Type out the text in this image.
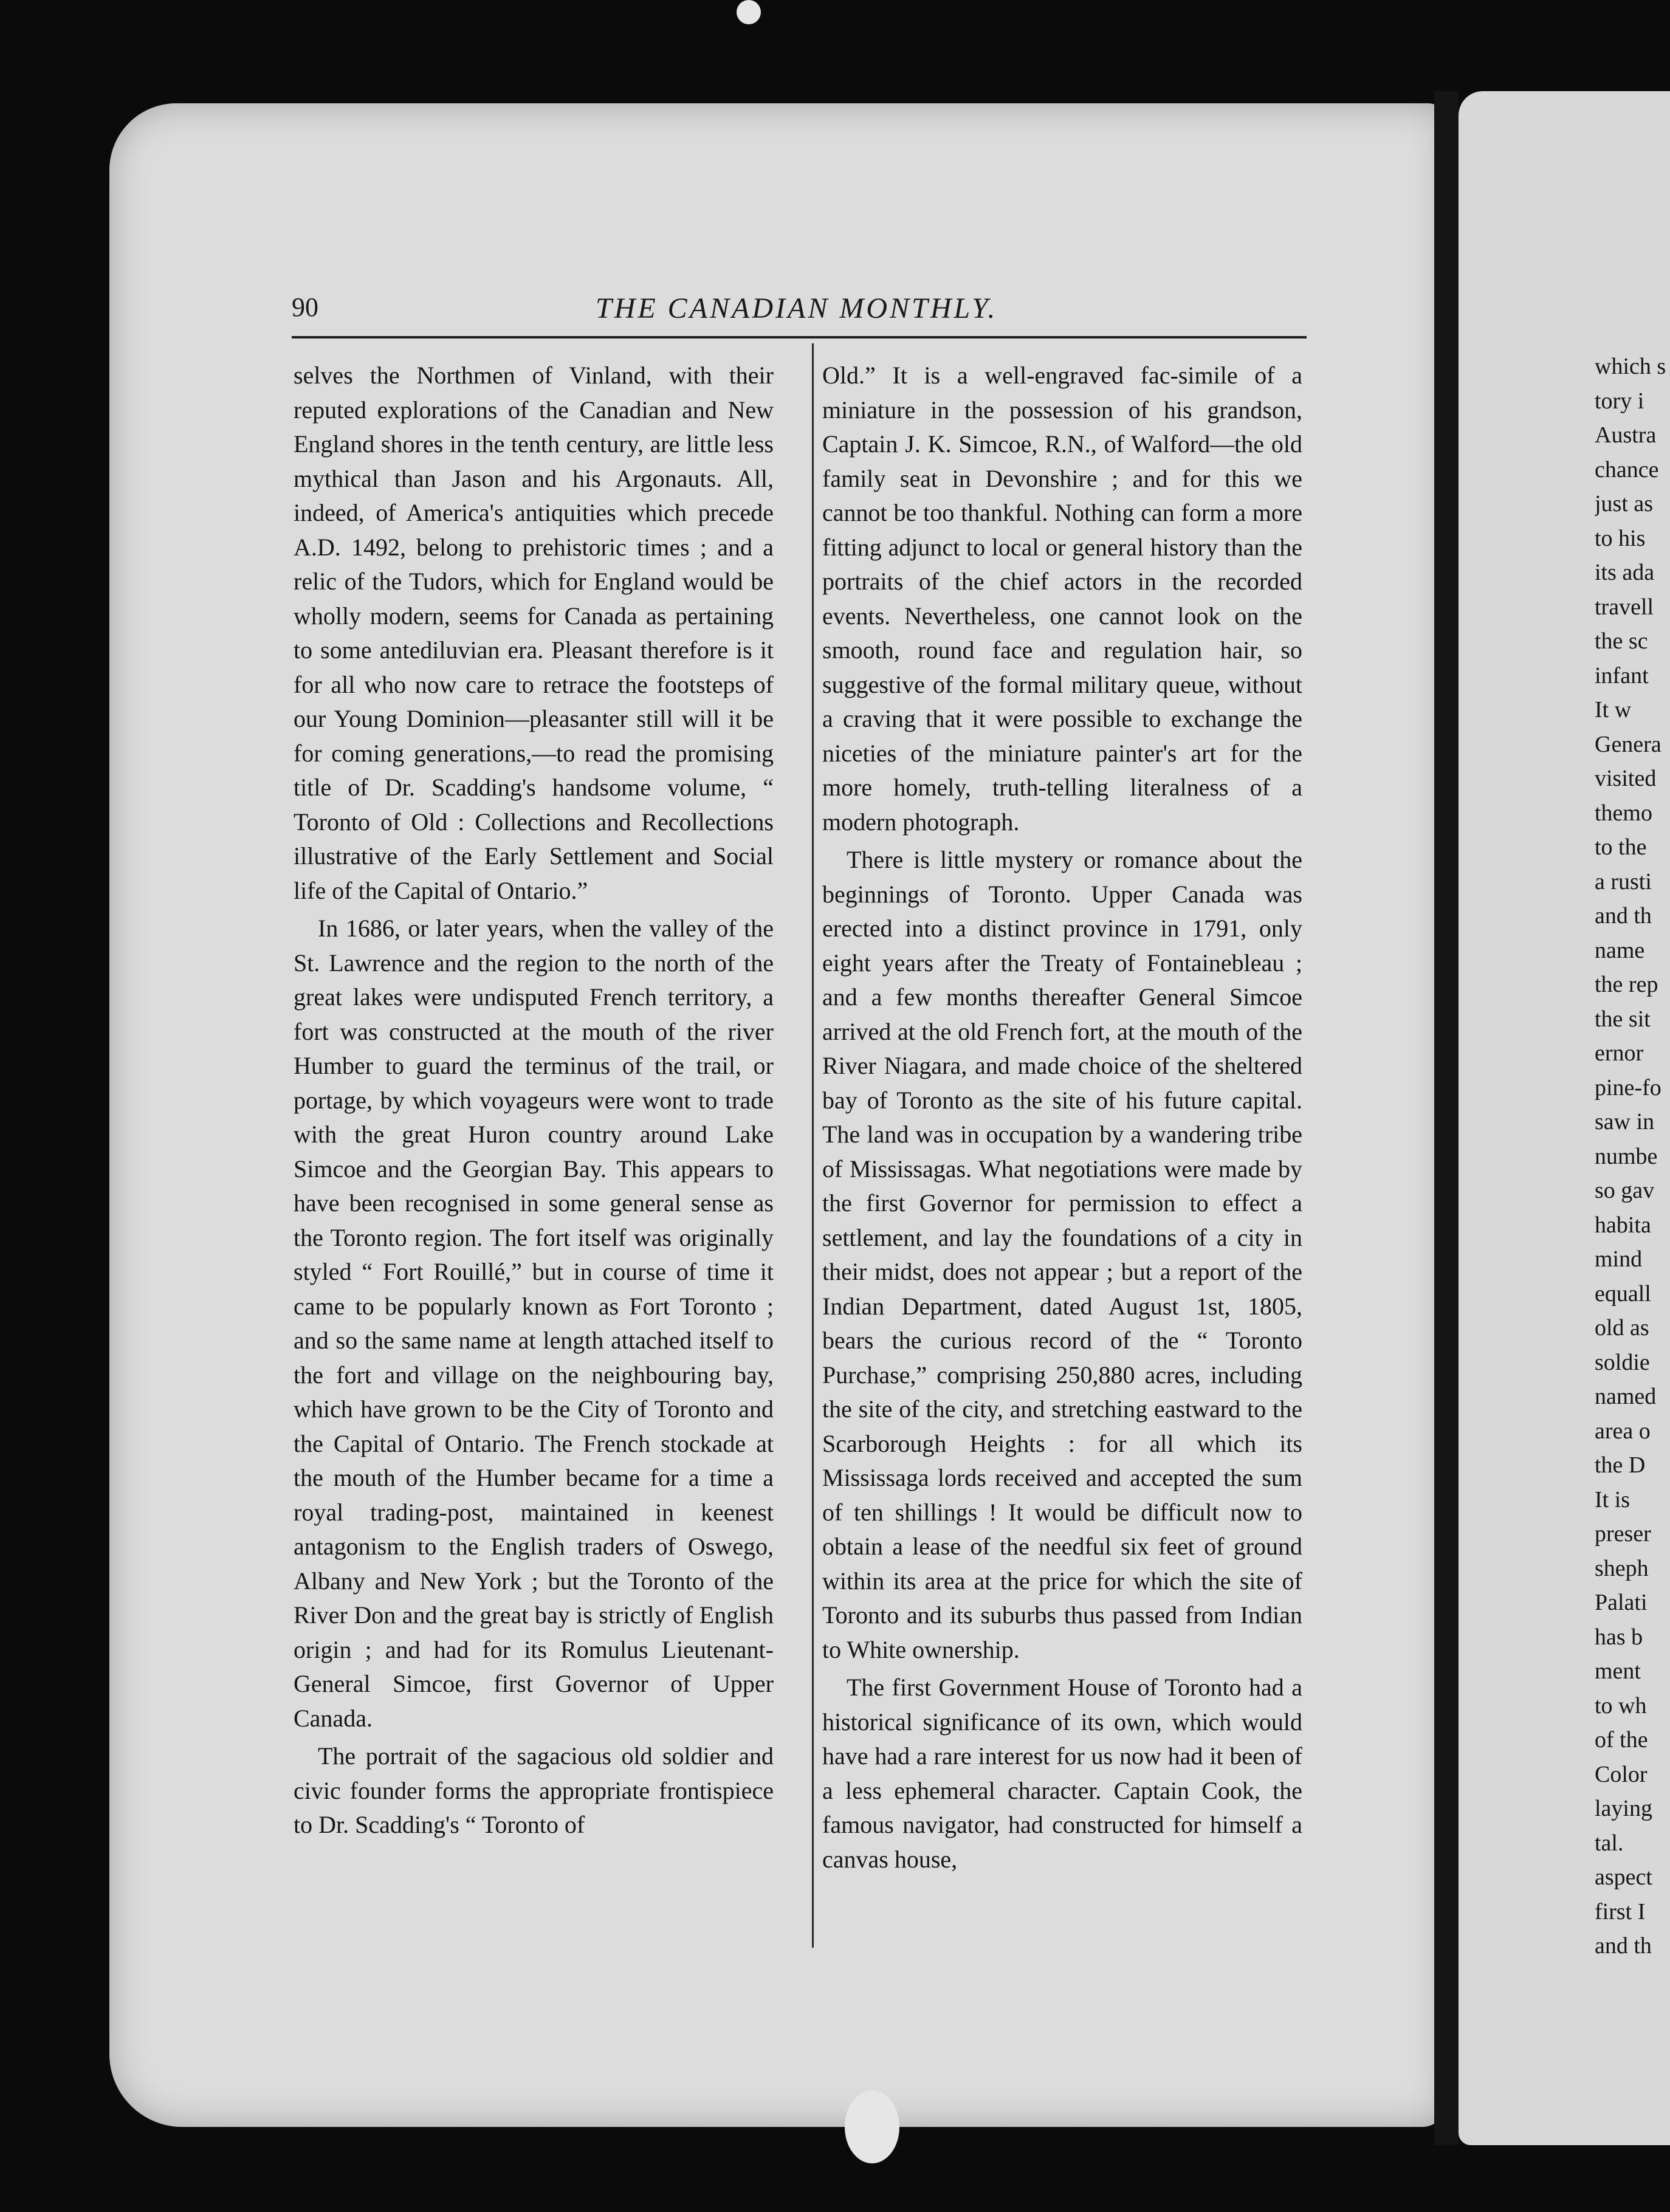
90	THE CANADIAN MONTHLY.

selves the Northmen of Vinland, with their reputed explorations of the Canadian and New England shores in the tenth century, are little less mythical than Jason and his Argonauts. All, indeed, of America's antiquities which precede A.D. 1492, belong to prehistoric times ; and a relic of the Tudors, which for England would be wholly modern, seems for Canada as pertaining to some antediluvian era. Pleasant therefore is it for all who now care to retrace the footsteps of our Young Dominion—pleasanter still will it be for coming generations,—to read the promising title of Dr. Scadding's handsome volume, “ Toronto of Old : Collections and Recollections illustrative of the Early Settlement and Social life of the Capital of Ontario.”

In 1686, or later years, when the valley of the St. Lawrence and the region to the north of the great lakes were undisputed French territory, a fort was constructed at the mouth of the river Humber to guard the terminus of the trail, or portage, by which voyageurs were wont to trade with the great Huron country around Lake Simcoe and the Georgian Bay. This appears to have been recognised in some general sense as the Toronto region. The fort itself was originally styled “ Fort Rouillé,” but in course of time it came to be popularly known as Fort Toronto ; and so the same name at length attached itself to the fort and village on the neighbouring bay, which have grown to be the City of Toronto and the Capital of Ontario. The French stockade at the mouth of the Humber became for a time a royal trading-post, maintained in keenest antagonism to the English traders of Oswego, Albany and New York ; but the Toronto of the River Don and the great bay is strictly of English origin ; and had for its Romulus Lieutenant-General Simcoe, first Governor of Upper Canada.

The portrait of the sagacious old soldier and civic founder forms the appropriate frontispiece to Dr. Scadding's “ Toronto of

Old.” It is a well-engraved fac-simile of a miniature in the possession of his grandson, Captain J. K. Simcoe, R.N., of Walford—the old family seat in Devonshire ; and for this we cannot be too thankful. Nothing can form a more fitting adjunct to local or general history than the portraits of the chief actors in the recorded events. Nevertheless, one cannot look on the smooth, round face and regulation hair, so suggestive of the formal military queue, without a craving that it were possible to exchange the niceties of the miniature painter's art for the more homely, truth-telling literalness of a modern photograph.

There is little mystery or romance about the beginnings of Toronto. Upper Canada was erected into a distinct province in 1791, only eight years after the Treaty of Fontainebleau ; and a few months thereafter General Simcoe arrived at the old French fort, at the mouth of the River Niagara, and made choice of the sheltered bay of Toronto as the site of his future capital. The land was in occupation by a wandering tribe of Mississagas. What negotiations were made by the first Governor for permission to effect a settlement, and lay the foundations of a city in their midst, does not appear ; but a report of the Indian Department, dated August 1st, 1805, bears the curious record of the “ Toronto Purchase,” comprising 250,880 acres, including the site of the city, and stretching eastward to the Scarborough Heights : for all which its Mississaga lords received and accepted the sum of ten shillings ! It would be difficult now to obtain a lease of the needful six feet of ground within its area at the price for which the site of Toronto and its suburbs thus passed from Indian to White ownership.

The first Government House of Toronto had a historical significance of its own, which would have had a rare interest for us now had it been of a less ephemeral character. Captain Cook, the famous navigator, had constructed for himself a canvas house,

which s
tory i
Austra
chance
just as
to his
its ada
travell
the sc
infant
It w
Genera
visited
themo
to the
a rusti
and th
name
the rep
the sit
ernor
pine-fo
saw in
numbe
so gav
habita
mind
equall
old as
soldie
named
area o
the D
It is
preser
sheph
Palati
has b
ment
to wh
of the
Color
laying
tal.
aspect
first I
and th
